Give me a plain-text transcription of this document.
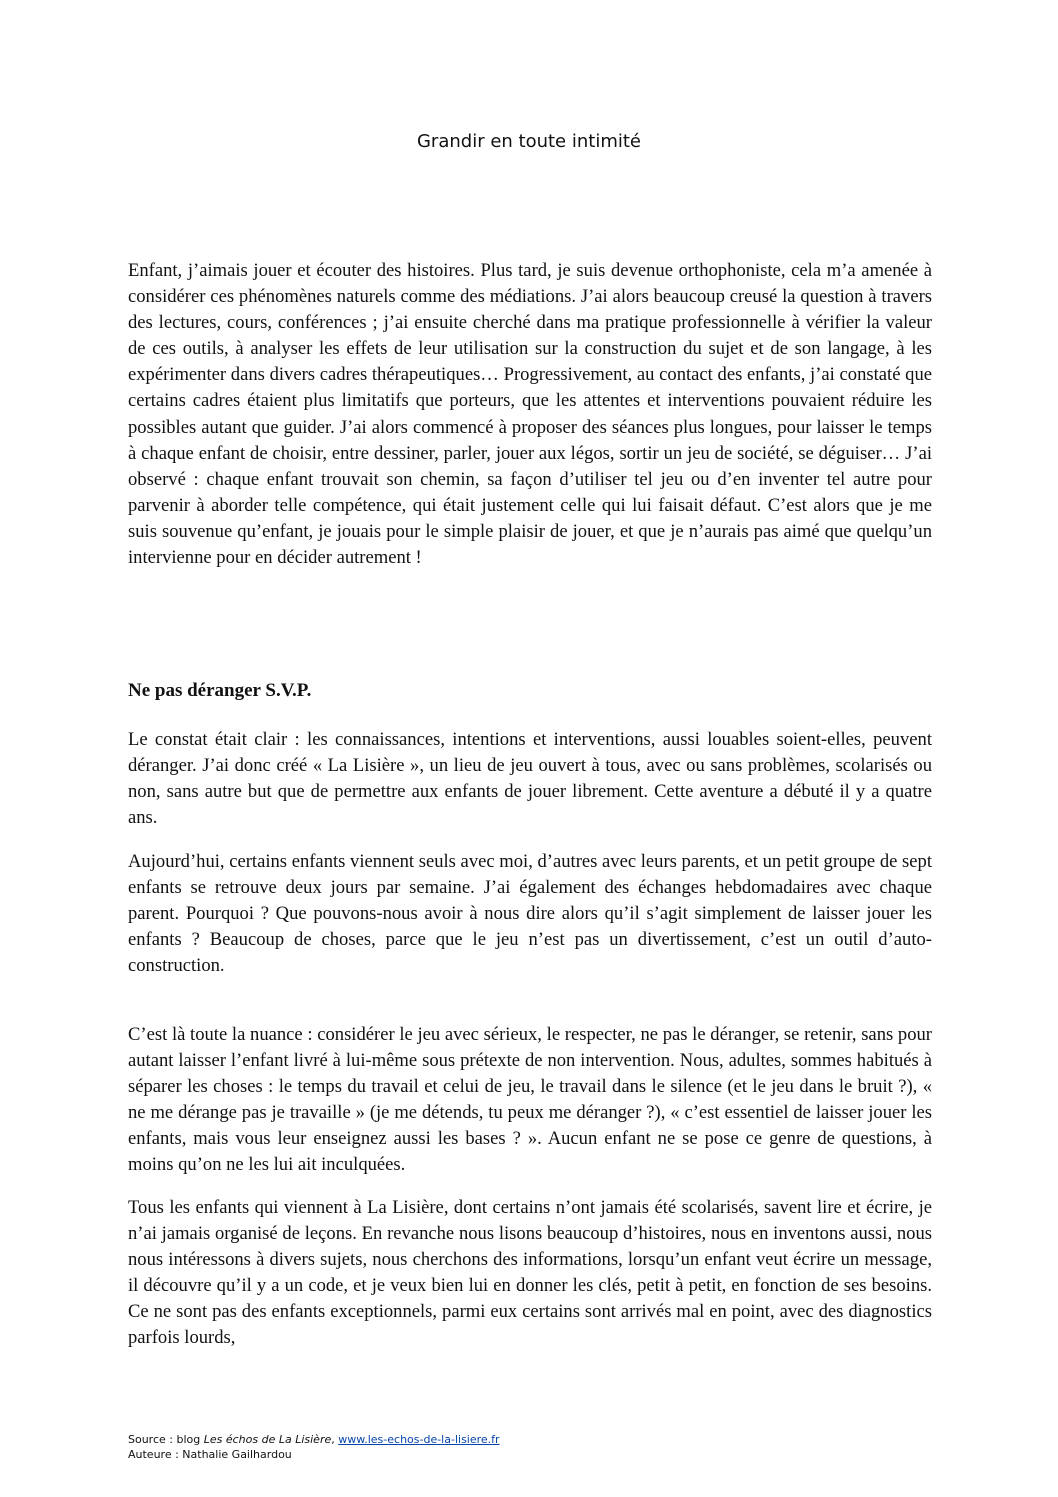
Grandir en toute intimité

Enfant, j’aimais jouer et écouter des histoires. Plus tard, je suis devenue orthophoniste, cela m’a amenée à considérer ces phénomènes naturels comme des médiations. J’ai alors beaucoup creusé la question à travers des lectures, cours, conférences ; j’ai ensuite cherché dans ma pratique professionnelle à vérifier la valeur de ces outils, à analyser les effets de leur utilisation sur la construction du sujet et de son langage, à les expérimenter dans divers cadres thérapeutiques… Progressivement, au contact des enfants, j’ai constaté que certains cadres étaient plus limitatifs que porteurs, que les attentes et interventions pouvaient réduire les possibles autant que guider. J’ai alors commencé à proposer des séances plus longues, pour laisser le temps à chaque enfant de choisir, entre dessiner, parler, jouer aux légos, sortir un jeu de société, se déguiser… J’ai observé : chaque enfant trouvait son chemin, sa façon d’utiliser tel jeu ou d’en inventer tel autre pour parvenir à aborder telle compétence, qui était justement celle qui lui faisait défaut. C’est alors que je me suis souvenue qu’enfant, je jouais pour le simple plaisir de jouer, et que je n’aurais pas aimé que quelqu’un intervienne pour en décider autrement !

Ne pas déranger S.V.P.

Le constat était clair : les connaissances, intentions et interventions, aussi louables soient-elles, peuvent déranger. J’ai donc créé « La Lisière », un lieu de jeu ouvert à tous, avec ou sans problèmes, scolarisés ou non, sans autre but que de permettre aux enfants de jouer librement. Cette aventure a débuté il y a quatre ans.

Aujourd’hui, certains enfants viennent seuls avec moi, d’autres avec leurs parents, et un petit groupe de sept enfants se retrouve deux jours par semaine. J’ai également des échanges hebdomadaires avec chaque parent. Pourquoi ? Que pouvons-nous avoir à nous dire alors qu’il s’agit simplement de laisser jouer les enfants ? Beaucoup de choses, parce que le jeu n’est pas un divertissement, c’est un outil d’auto-construction.

C’est là toute la nuance : considérer le jeu avec sérieux, le respecter, ne pas le déranger, se retenir, sans pour autant laisser l’enfant livré à lui-même sous prétexte de non intervention. Nous, adultes, sommes habitués à séparer les choses : le temps du travail et celui de jeu, le travail dans le silence (et le jeu dans le bruit ?), « ne me dérange pas je travaille » (je me détends, tu peux me déranger ?), « c’est essentiel de laisser jouer les enfants, mais vous leur enseignez aussi les bases ? ». Aucun enfant ne se pose ce genre de questions, à moins qu’on ne les lui ait inculquées.

Tous les enfants qui viennent à La Lisière, dont certains n’ont jamais été scolarisés, savent lire et écrire, je n’ai jamais organisé de leçons. En revanche nous lisons beaucoup d’histoires, nous en inventons aussi, nous nous intéressons à divers sujets, nous cherchons des informations, lorsqu’un enfant veut écrire un message, il découvre qu’il y a un code, et je veux bien lui en donner les clés, petit à petit, en fonction de ses besoins. Ce ne sont pas des enfants exceptionnels, parmi eux certains sont arrivés mal en point, avec des diagnostics parfois lourds,

Source : blog Les échos de La Lisière, www.les-echos-de-la-lisiere.fr
Auteure : Nathalie Gailhardou
